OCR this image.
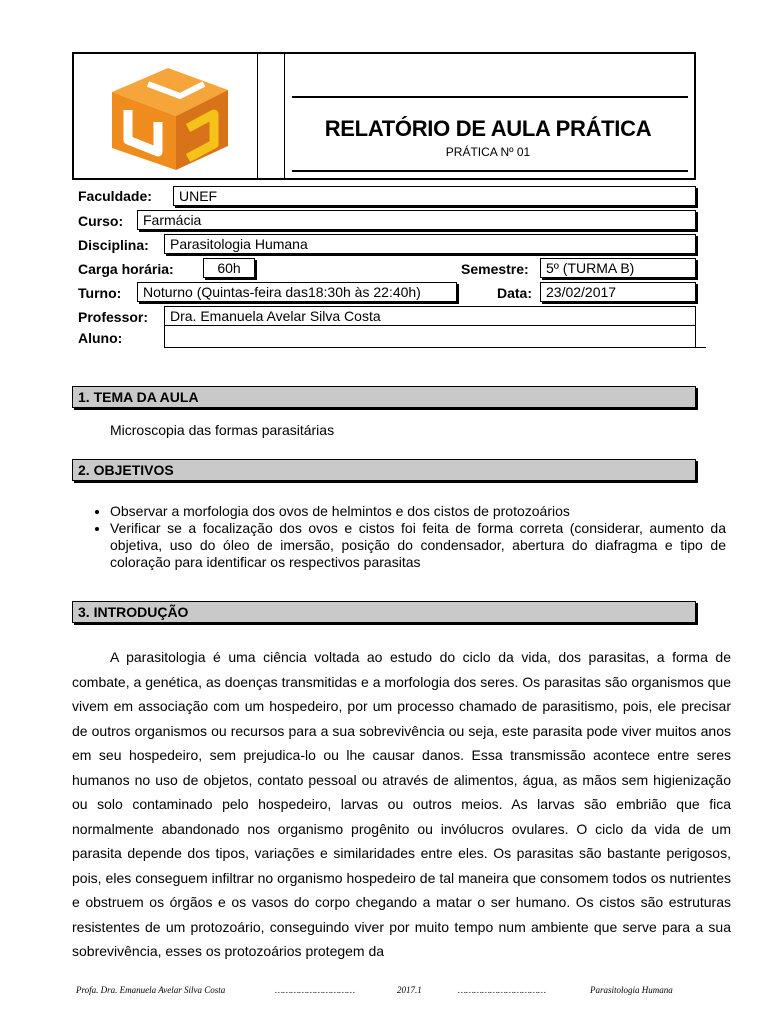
RELATÓRIO DE AULA PRÁTICA
PRÁTICA Nº 01
Faculdade:	UNEF
Curso:	Farmácia
Disciplina:	Parasitologia Humana
Carga horária:	60h	Semestre:	5º (TURMA B)
Turno:	Noturno (Quintas-feira das18:30h às 22:40h)	Data: 23/02/2017
Professor:	Dra. Emanuela Avelar Silva Costa
Aluno:
1. TEMA DA AULA
Microscopia das formas parasitárias
2. OBJETIVOS
• Observar a morfologia dos ovos de helmintos e dos cistos de protozoários
• Verificar se a focalização dos ovos e cistos foi feita de forma correta (considerar, aumento da objetiva, uso do óleo de imersão, posição do condensador, abertura do diafragma e tipo de coloração para identificar os respectivos parasitas
3. INTRODUÇÃO

A parasitologia é uma ciência voltada ao estudo do ciclo da vida, dos parasitas, a forma de combate, a genética, as doenças transmitidas e a morfologia dos seres. Os parasitas são organismos que vivem em associação com um hospedeiro, por um processo chamado de parasitismo, pois, ele precisar de outros organismos ou recursos para a sua sobrevivência ou seja, este parasita pode viver muitos anos em seu hospedeiro, sem prejudica-lo ou lhe causar danos. Essa transmissão acontece entre seres humanos no uso de objetos, contato pessoal ou através de alimentos, água, as mãos sem higienização ou solo contaminado pelo hospedeiro, larvas ou outros meios. As larvas são embrião que fica normalmente abandonado nos organismo progênito ou invólucros ovulares. O ciclo da vida de um parasita depende dos tipos, variações e similaridades entre eles. Os parasitas são bastante perigosos, pois, eles conseguem infiltrar no organismo hospedeiro de tal maneira que consomem todos os nutrientes e obstruem os órgãos e os vasos do corpo chegando a matar o ser humano. Os cistos são estruturas resistentes de um protozoário, conseguindo viver por muito tempo num ambiente que serve para a sua sobrevivência, esses os protozoários protegem da

Profa. Dra. Emanuela Avelar Silva Costa	…………………………	2017.1	……………………………	Parasitologia Humana
